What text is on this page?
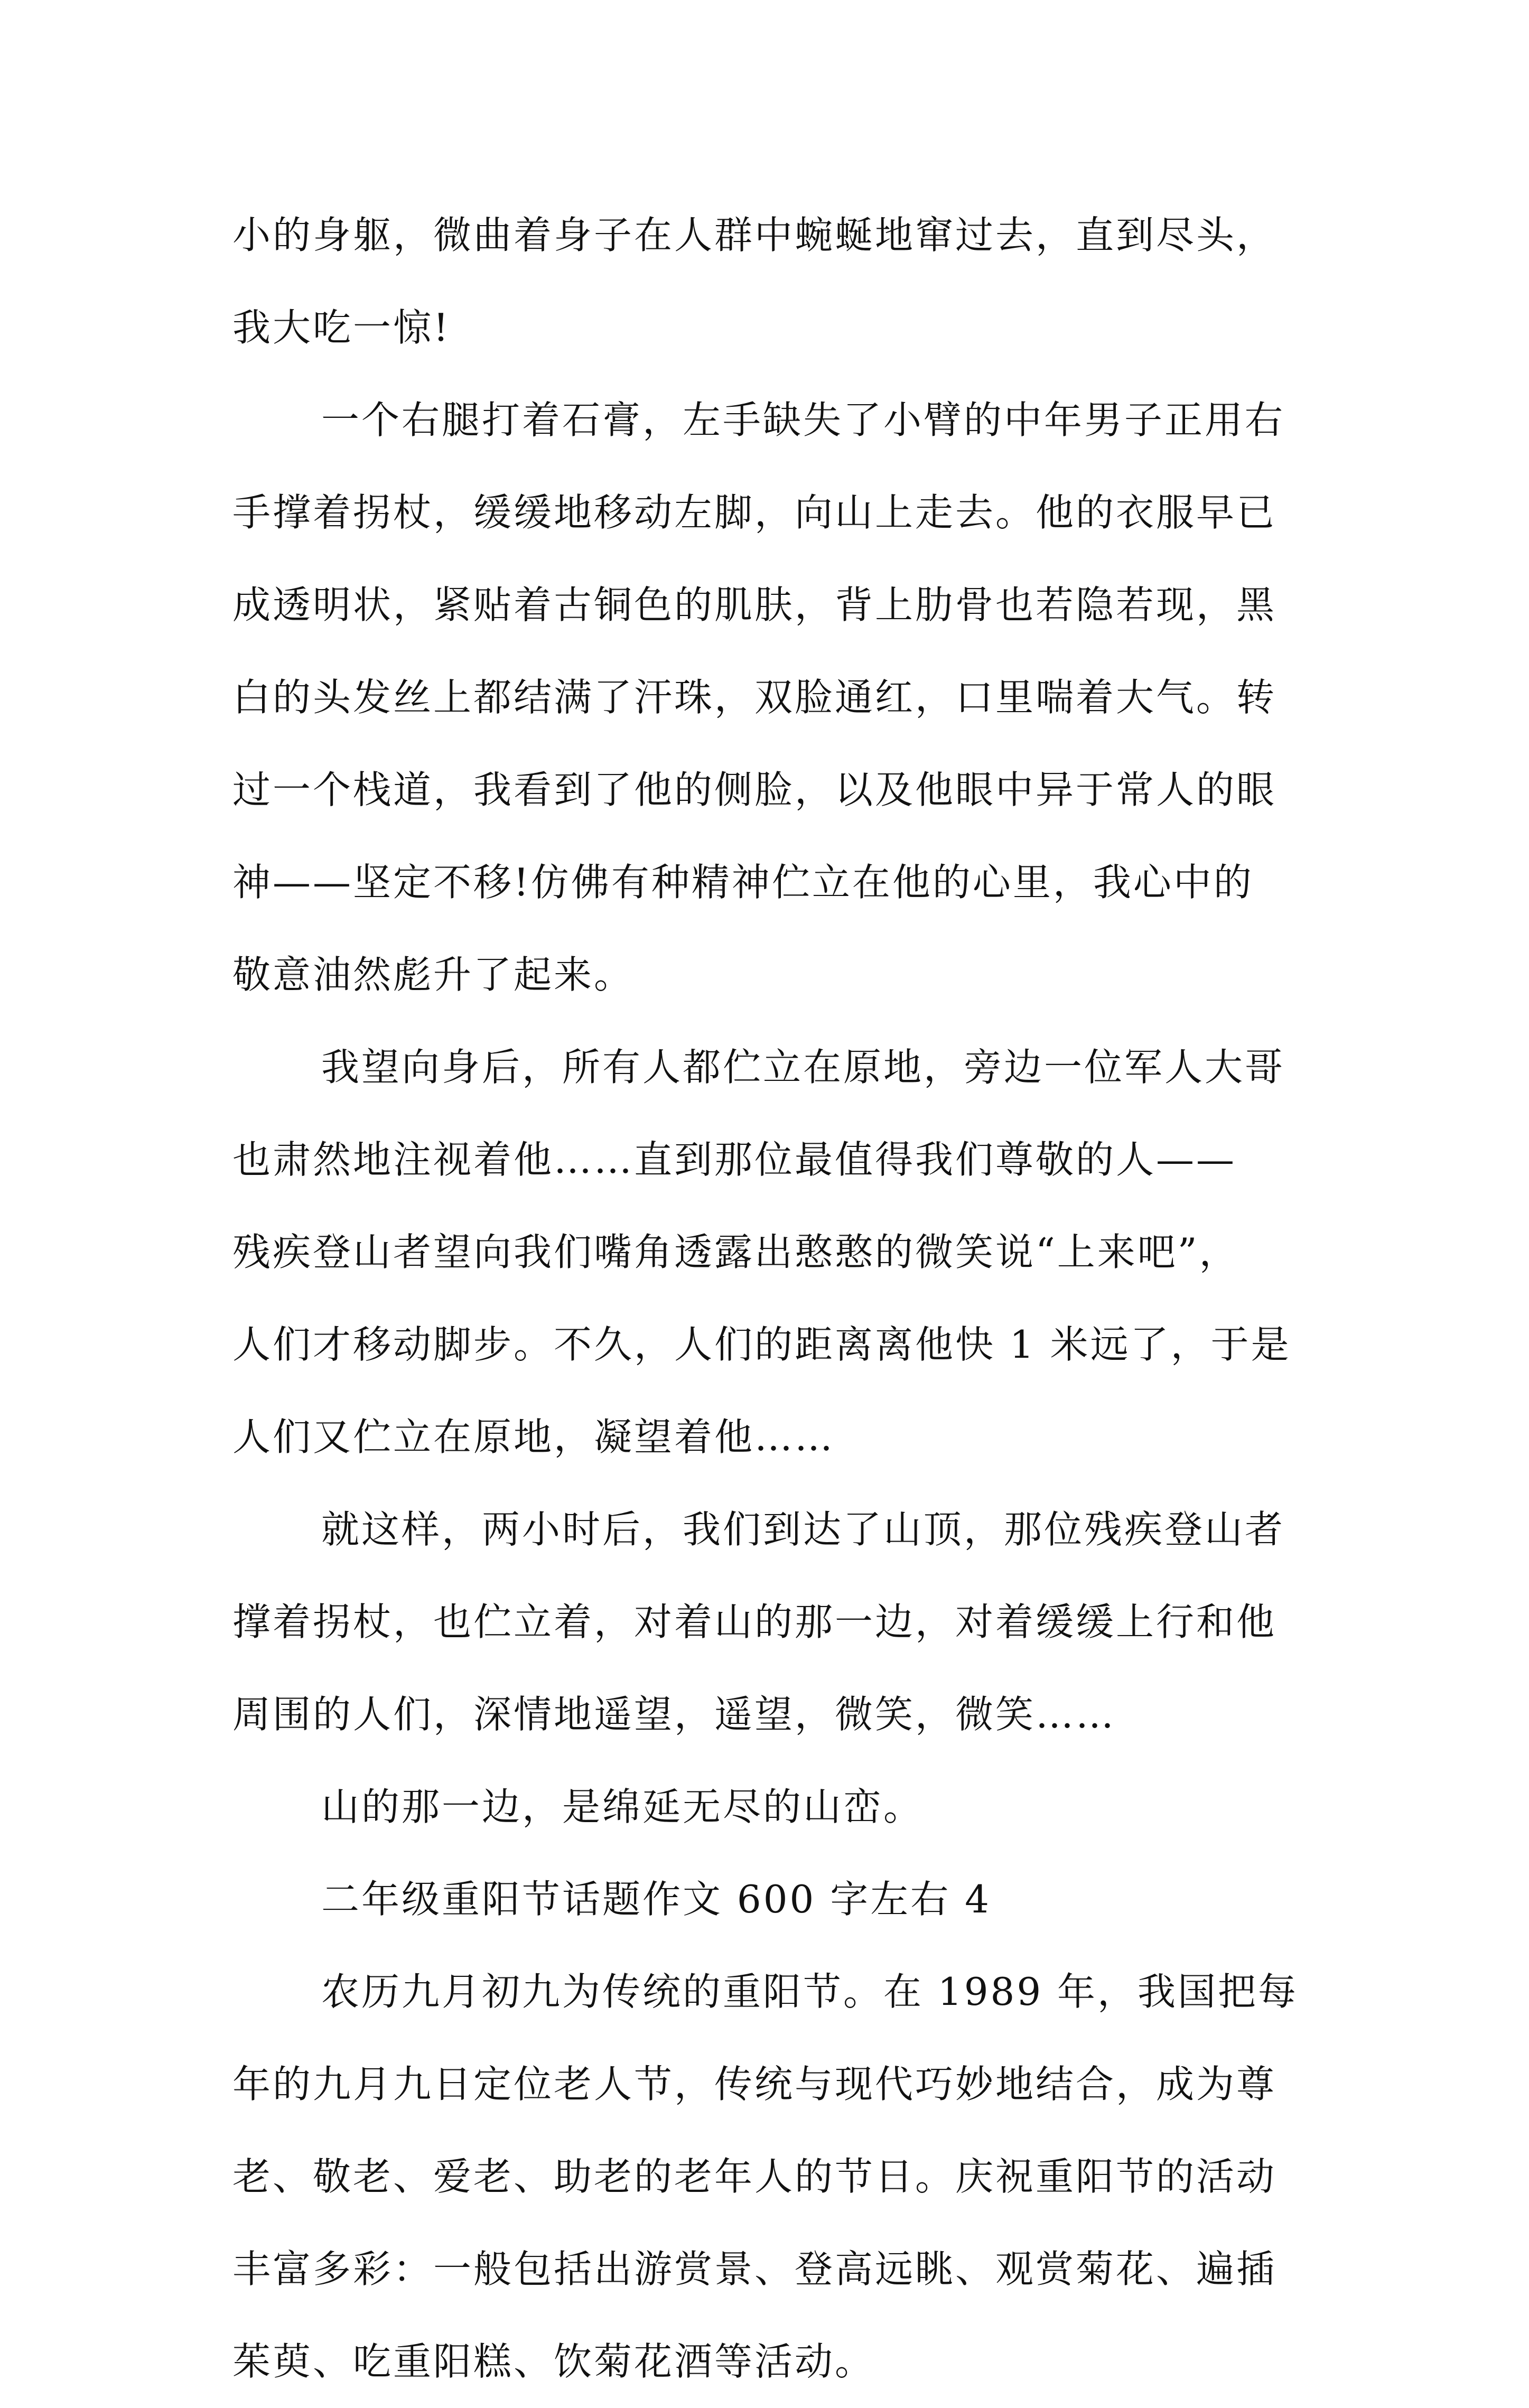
小的身躯，微曲着身子在人群中蜿蜒地窜过去，直到尽头，
我大吃一惊!
一个右腿打着石膏，左手缺失了小臂的中年男子正用右
手撑着拐杖，缓缓地移动左脚，向山上走去。他的衣服早已
成透明状，紧贴着古铜色的肌肤，背上肋骨也若隐若现，黑
白的头发丝上都结满了汗珠，双脸通红，口里喘着大气。转
过一个栈道，我看到了他的侧脸，以及他眼中异于常人的眼
神——坚定不移!仿佛有种精神伫立在他的心里，我心中的
敬意油然彪升了起来。
我望向身后，所有人都伫立在原地，旁边一位军人大哥
也肃然地注视着他……直到那位最值得我们尊敬的人——
残疾登山者望向我们嘴角透露出憨憨的微笑说“上来吧”，
人们才移动脚步。不久，人们的距离离他快 1 米远了，于是
人们又伫立在原地，凝望着他……
就这样，两小时后，我们到达了山顶，那位残疾登山者
撑着拐杖，也伫立着，对着山的那一边，对着缓缓上行和他
周围的人们，深情地遥望，遥望，微笑，微笑……
山的那一边，是绵延无尽的山峦。
二年级重阳节话题作文 600 字左右 4
农历九月初九为传统的重阳节。在 1989 年，我国把每
年的九月九日定位老人节，传统与现代巧妙地结合，成为尊
老、敬老、爱老、助老的老年人的节日。庆祝重阳节的活动
丰富多彩：一般包括出游赏景、登高远眺、观赏菊花、遍插
茱萸、吃重阳糕、饮菊花酒等活动。
